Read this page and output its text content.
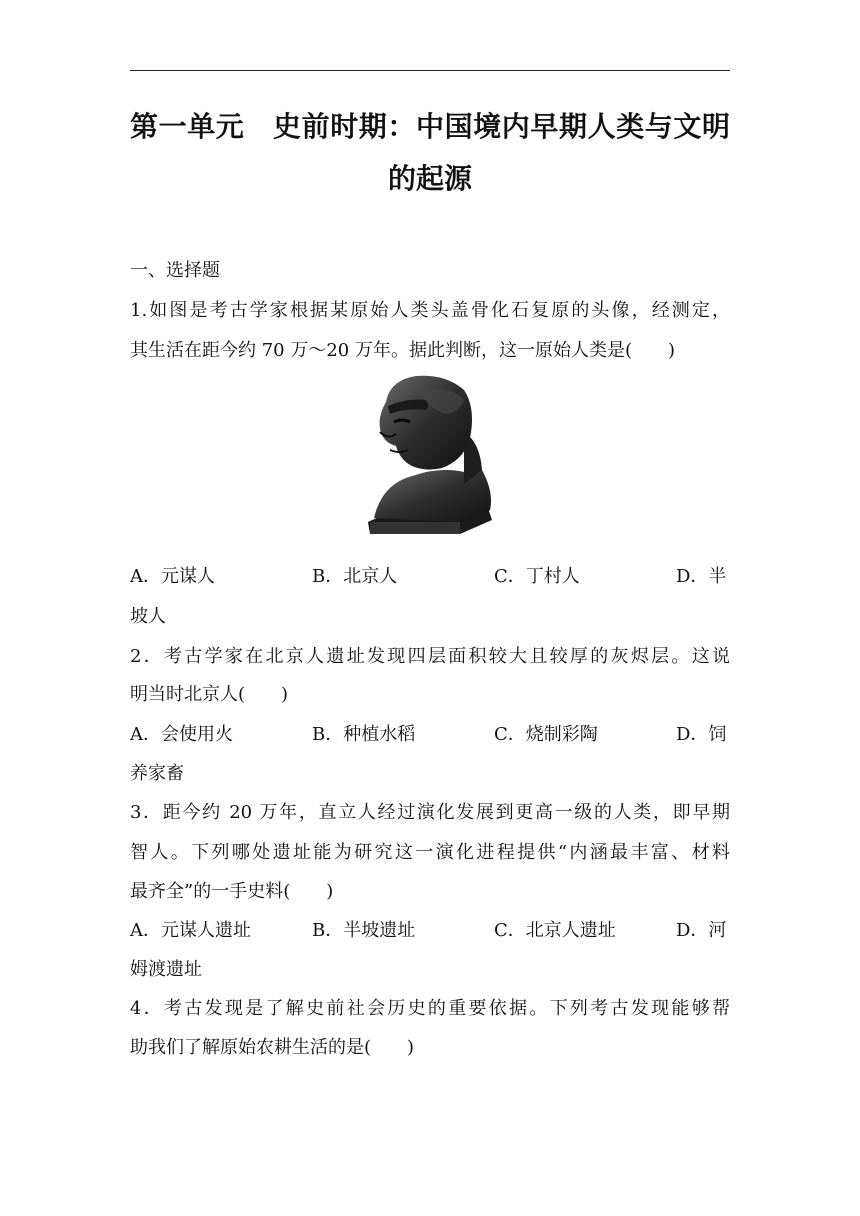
第一单元　史前时期：中国境内早期人类与文明
的起源
一、选择题
1.如图是考古学家根据某原始人类头盖骨化石复原的头像，经测定，
其生活在距今约 70 万～20 万年。据此判断，这一原始人类是(　　)
A．元谋人	B．北京人	C．丁村人	D．半
坡人
2．考古学家在北京人遗址发现四层面积较大且较厚的灰烬层。这说
明当时北京人(　　)
A．会使用火	B．种植水稻	C．烧制彩陶	D．饲
养家畜
3．距今约 20 万年，直立人经过演化发展到更高一级的人类，即早期
智人。下列哪处遗址能为研究这一演化进程提供“内涵最丰富、材料
最齐全”的一手史料(　　)
A．元谋人遗址	B．半坡遗址	C．北京人遗址	D．河
姆渡遗址
4．考古发现是了解史前社会历史的重要依据。下列考古发现能够帮
助我们了解原始农耕生活的是(　　)
